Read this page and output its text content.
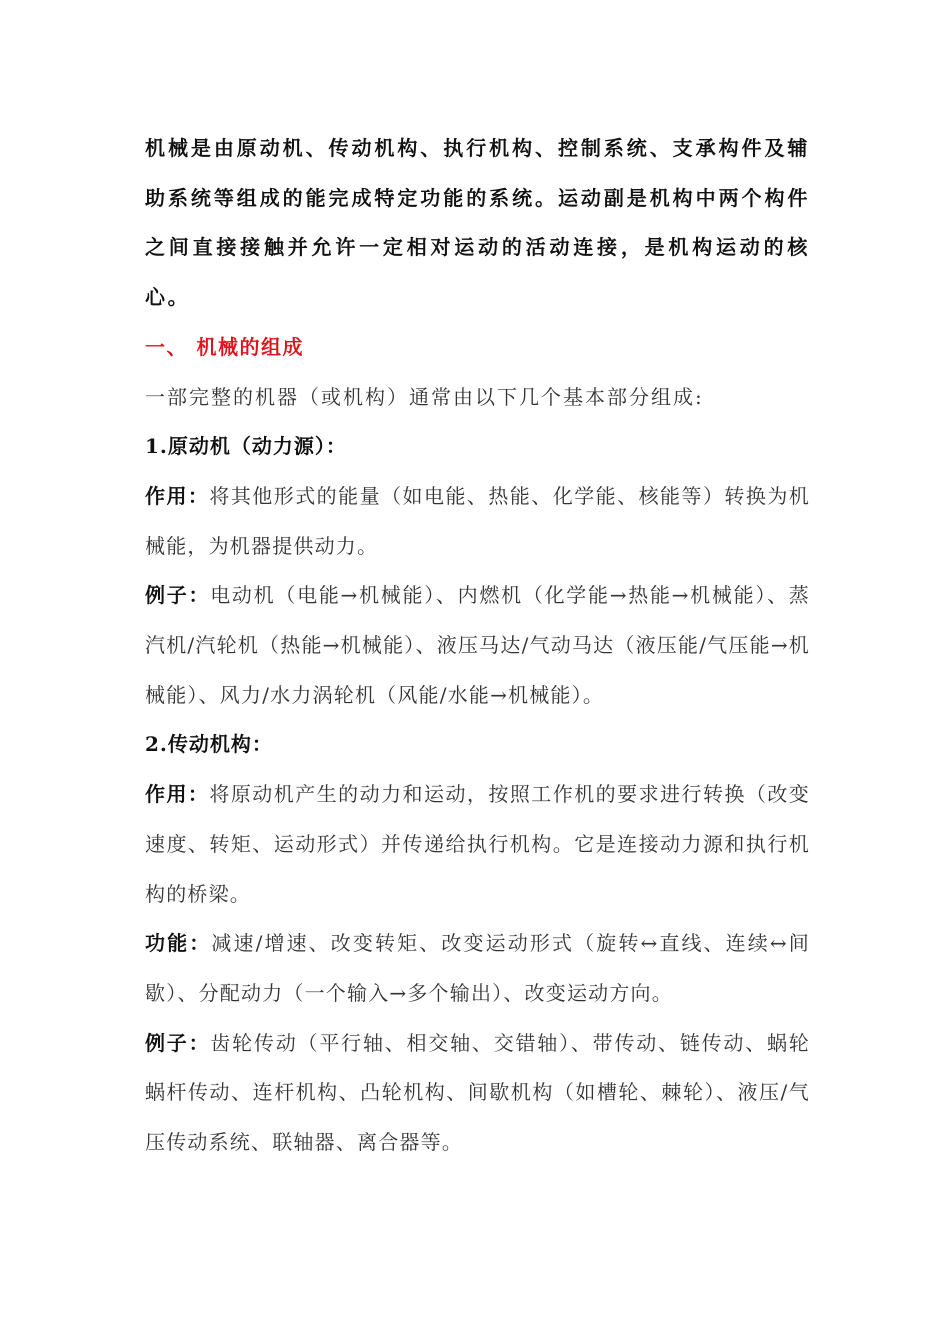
机械是由原动机、传动机构、执行机构、控制系统、支承构件及辅助系统等组成的能完成特定功能的系统。运动副是机构中两个构件之间直接接触并允许一定相对运动的活动连接，是机构运动的核心。

一、 机械的组成

一部完整的机器（或机构）通常由以下几个基本部分组成:

1.原动机（动力源）：

作用：将其他形式的能量（如电能、热能、化学能、核能等）转换为机械能，为机器提供动力。

例子：电动机（电能→机械能）、内燃机（化学能→热能→机械能）、蒸汽机/汽轮机（热能→机械能）、液压马达/气动马达（液压能/气压能→机械能）、风力/水力涡轮机（风能/水能→机械能）。

2.传动机构：

作用：将原动机产生的动力和运动，按照工作机的要求进行转换（改变速度、转矩、运动形式）并传递给执行机构。它是连接动力源和执行机构的桥梁。

功能：减速/增速、改变转矩、改变运动形式（旋转↔直线、连续↔间歇）、分配动力（一个输入→多个输出）、改变运动方向。

例子：齿轮传动（平行轴、相交轴、交错轴）、带传动、链传动、蜗轮蜗杆传动、连杆机构、凸轮机构、间歇机构（如槽轮、棘轮）、液压/气压传动系统、联轴器、离合器等。
